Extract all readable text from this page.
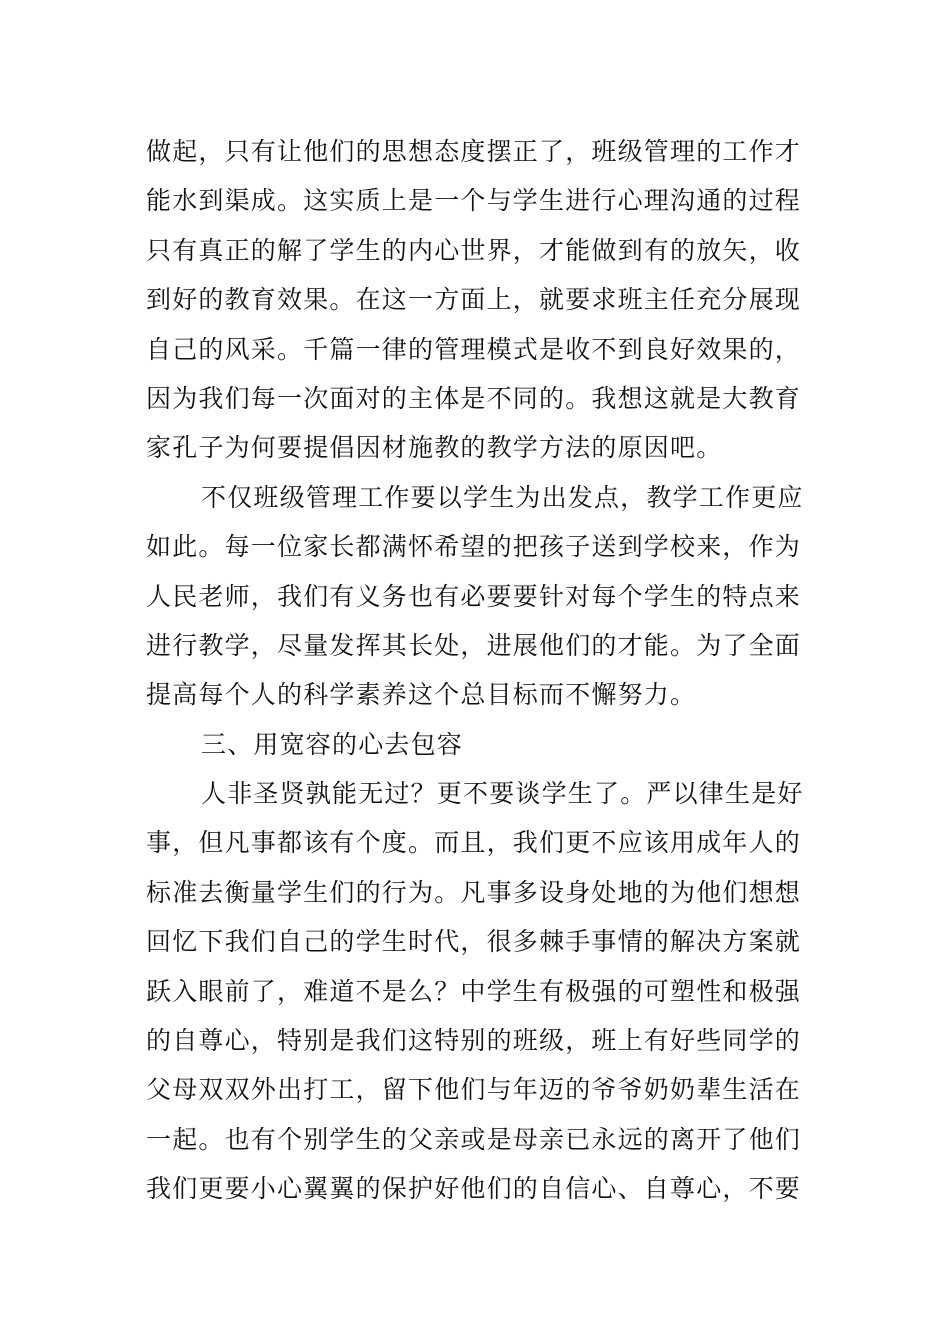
做起，只有让他们的思想态度摆正了，班级管理的工作才
能水到渠成。这实质上是一个与学生进行心理沟通的过程
只有真正的解了学生的内心世界，才能做到有的放矢，收
到好的教育效果。在这一方面上，就要求班主任充分展现
自己的风采。千篇一律的管理模式是收不到良好效果的，
因为我们每一次面对的主体是不同的。我想这就是大教育
家孔子为何要提倡因材施教的教学方法的原因吧。
不仅班级管理工作要以学生为出发点，教学工作更应
如此。每一位家长都满怀希望的把孩子送到学校来，作为
人民老师，我们有义务也有必要要针对每个学生的特点来
进行教学，尽量发挥其长处，进展他们的才能。为了全面
提高每个人的科学素养这个总目标而不懈努力。
三、用宽容的心去包容
人非圣贤孰能无过？更不要谈学生了。严以律生是好
事，但凡事都该有个度。而且，我们更不应该用成年人的
标准去衡量学生们的行为。凡事多设身处地的为他们想想
回忆下我们自己的学生时代，很多棘手事情的解决方案就
跃入眼前了，难道不是么？中学生有极强的可塑性和极强
的自尊心，特别是我们这特别的班级，班上有好些同学的
父母双双外出打工，留下他们与年迈的爷爷奶奶辈生活在
一起。也有个别学生的父亲或是母亲已永远的离开了他们
我们更要小心翼翼的保护好他们的自信心、自尊心，不要
